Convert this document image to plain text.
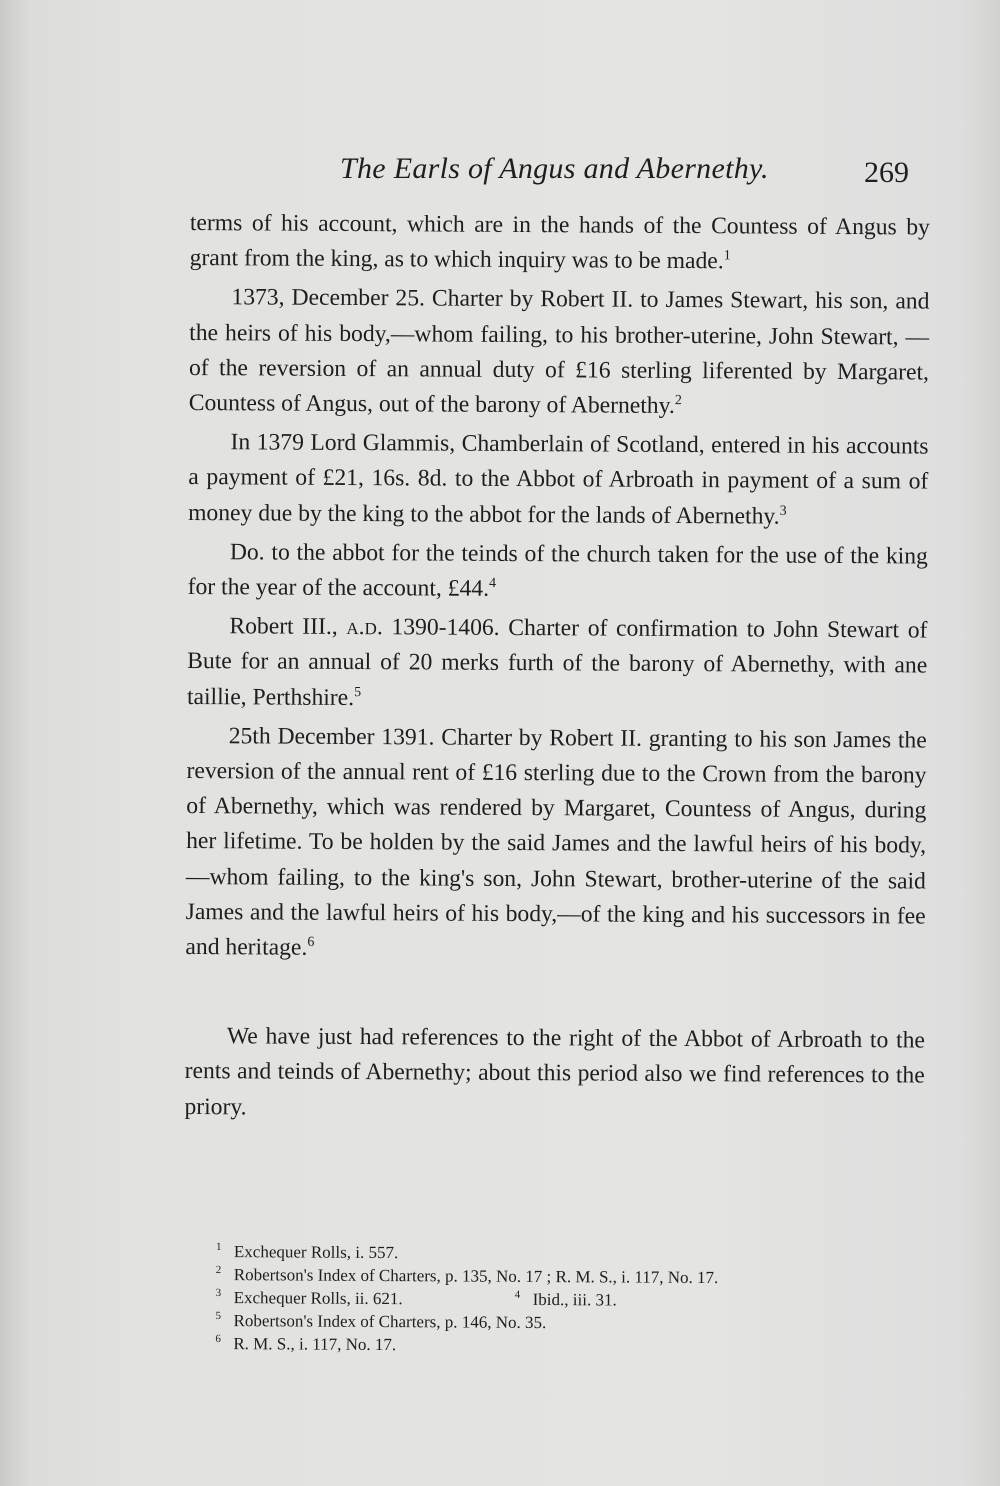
The Earls of Angus and Abernethy.	269

terms of his account, which are in the hands of the Countess of Angus by grant from the king, as to which inquiry was to be made.$^1$

1373, December 25. Charter by Robert II. to James Stewart, his son, and the heirs of his body,—whom failing, to his brother-uterine, John Stewart, — of the reversion of an annual duty of £16 sterling liferented by Margaret, Countess of Angus, out of the barony of Abernethy.$^2$

In 1379 Lord Glammis, Chamberlain of Scotland, entered in his accounts a payment of £21, 16s. 8d. to the Abbot of Arbroath in payment of a sum of money due by the king to the abbot for the lands of Abernethy.$^3$

Do. to the abbot for the teinds of the church taken for the use of the king for the year of the account, £44.$^4$

Robert III., a.d. 1390-1406. Charter of confirmation to John Stewart of Bute for an annual of 20 merks furth of the barony of Abernethy, with ane taillie, Perthshire.$^5$

25th December 1391. Charter by Robert II. granting to his son James the reversion of the annual rent of £16 sterling due to the Crown from the barony of Abernethy, which was rendered by Margaret, Countess of Angus, during her lifetime. To be holden by the said James and the lawful heirs of his body,—whom failing, to the king's son, John Stewart, brother-uterine of the said James and the lawful heirs of his body,—of the king and his successors in fee and heritage.$^6$

We have just had references to the right of the Abbot of Arbroath to the rents and teinds of Abernethy; about this period also we find references to the priory.

1 Exchequer Rolls, i. 557.
2 Robertson's Index of Charters, p. 135, No. 17 ; R. M. S., i. 117, No. 17.
3 Exchequer Rolls, ii. 621.	4 Ibid., iii. 31.
5 Robertson's Index of Charters, p. 146, No. 35.
6 R. M. S., i. 117, No. 17.
